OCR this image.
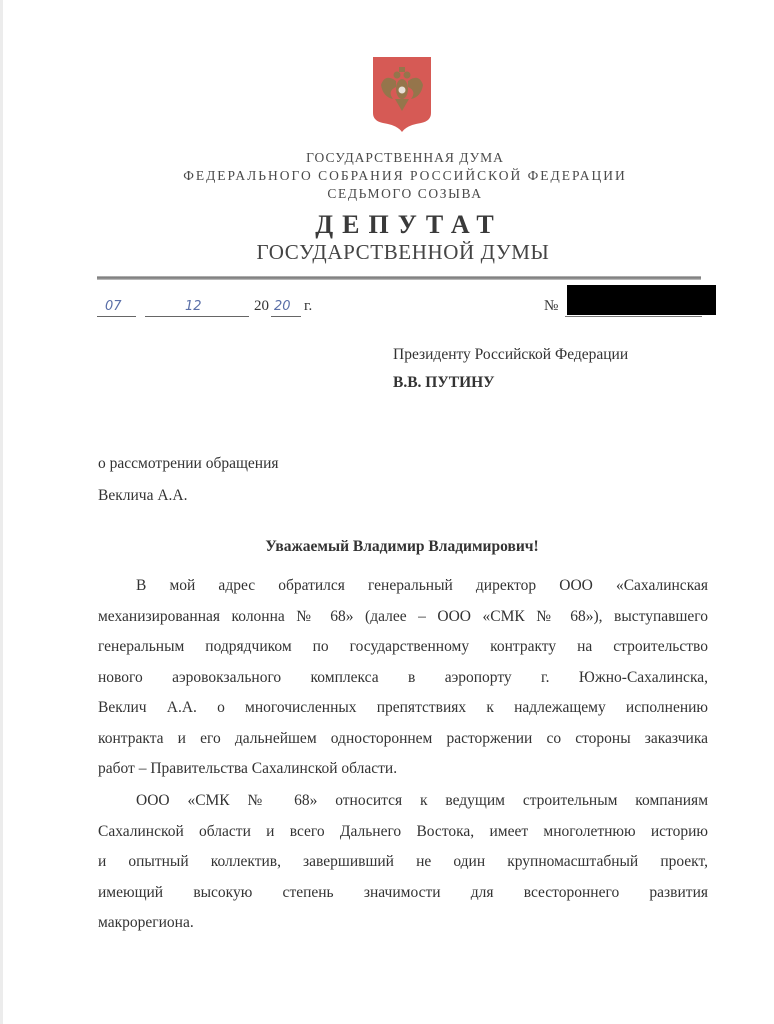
ГОСУДАРСТВЕННАЯ ДУМА
ФЕДЕРАЛЬНОГО СОБРАНИЯ РОССИЙСКОЙ ФЕДЕРАЦИИ
СЕДЬМОГО СОЗЫВА
ДЕПУТАТ
ГОСУДАРСТВЕННОЙ ДУМЫ
07	12	20 20 г.	№
Президенту Российской Федерации
В.В. ПУТИНУ
о рассмотрении обращения
Веклича А.А.
Уважаемый Владимир Владимирович!
В мой адрес обратился генеральный директор ООО «Сахалинская
механизированная колонна № 68» (далее – ООО «СМК № 68»), выступавшего
генеральным подрядчиком по государственному контракту на строительство
нового аэровокзального комплекса в аэропорту г. Южно-Сахалинска,
Веклич А.А. о многочисленных препятствиях к надлежащему исполнению
контракта и его дальнейшем одностороннем расторжении со стороны заказчика
работ – Правительства Сахалинской области.
ООО «СМК № 68» относится к ведущим строительным компаниям
Сахалинской области и всего Дальнего Востока, имеет многолетнюю историю
и опытный коллектив, завершивший не один крупномасштабный проект,
имеющий высокую степень значимости для всестороннего развития
макрорегиона.
